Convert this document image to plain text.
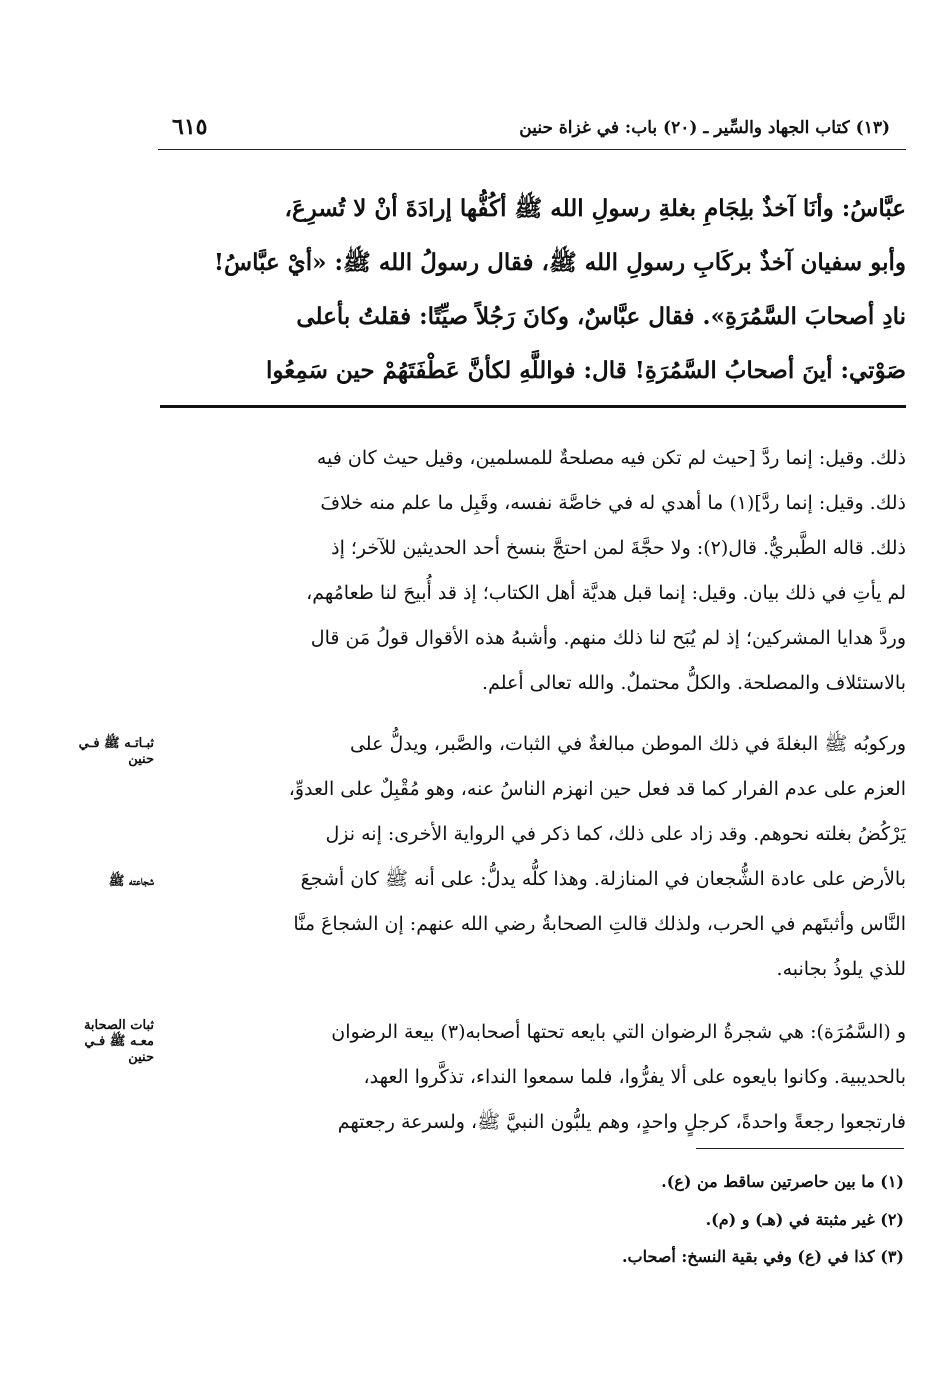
(١٣) كتاب الجهاد والسِّير ـ (٢٠) باب: في غزاة حنين
٦١٥
عبَّاسُ: وأنَا آخذٌ بلِجَامِ بغلةِ رسولِ الله ﷺ أكُفُّها إرادَةَ أنْ لا تُسرِعَ،
وأبو سفيان آخذٌ بركَابِ رسولِ الله ﷺ، فقال رسولُ الله ﷺ: «أيْ عبَّاسُ!
نادِ أصحابَ السَّمُرَةِ». فقال عبَّاسٌ، وكانَ رَجُلاً صيِّتًا: فقلتُ بأعلى
صَوْتي: أينَ أصحابُ السَّمُرَةِ! قال: فواللَّهِ لكأنَّ عَطْفَتَهُمْ حين سَمِعُوا
ذلك. وقيل: إنما ردَّ [حيث لم تكن فيه مصلحةٌ للمسلمين، وقيل حيث كان فيه
ذلك. وقيل: إنما ردَّ](١) ما أهدي له في خاصَّة نفسه، وقَبِل ما علم منه خلافَ
ذلك. قاله الطَّبريُّ. قال(٢): ولا حجَّةَ لمن احتجَّ بنسخ أحد الحديثين للآخر؛ إذ
لم يأتِ في ذلك بيان. وقيل: إنما قبل هديَّة أهل الكتاب؛ إذ قد أُبيحَ لنا طعامُهم،
وردَّ هدايا المشركين؛ إذ لم يُبَح لنا ذلك منهم. وأشبهُ هذه الأقوال قولُ مَن قال
بالاستئلاف والمصلحة. والكلُّ محتملٌ. والله تعالى أعلم.
وركوبُه ﷺ البغلةَ في ذلك الموطن مبالغةٌ في الثبات، والصَّبر، ويدلُّ على
العزم على عدم الفرار كما قد فعل حين انهزم الناسُ عنه، وهو مُقْبِلٌ على العدوِّ،
يَرْكُضُ بغلته نحوهم. وقد زاد على ذلك، كما ذكر في الرواية الأخرى: إنه نزل
بالأرض على عادة الشُّجعان في المنازلة. وهذا كلُّه يدلُّ: على أنه ﷺ كان أشجعَ
النَّاس وأثبتَهم في الحرب، ولذلك قالتِ الصحابةُ رضي الله عنهم: إن الشجاعَ منَّا
للذي يلوذُ بجانبه.
و (السَّمُرَة): هي شجرةُ الرضوان التي بايعه تحتها أصحابه(٣) بيعة الرضوان
بالحديبية. وكانوا بايعوه على ألا يفرُّوا، فلما سمعوا النداء، تذكَّروا العهد،
فارتجعوا رجعةً واحدةً، كرجلٍ واحدٍ، وهم يلبُّون النبيَّ ﷺ، ولسرعة رجعتهم
ثبـاتـه ﷺ فـي
حنين
شجاعته ﷺ
ثبات الصحابة
معـه ﷺ فـي
حنين
(١) ما بين حاصرتين ساقط من (ع).
(٢) غير مثبتة في (هـ) و (م).
(٣) كذا في (ع) وفي بقية النسخ: أصحاب.
